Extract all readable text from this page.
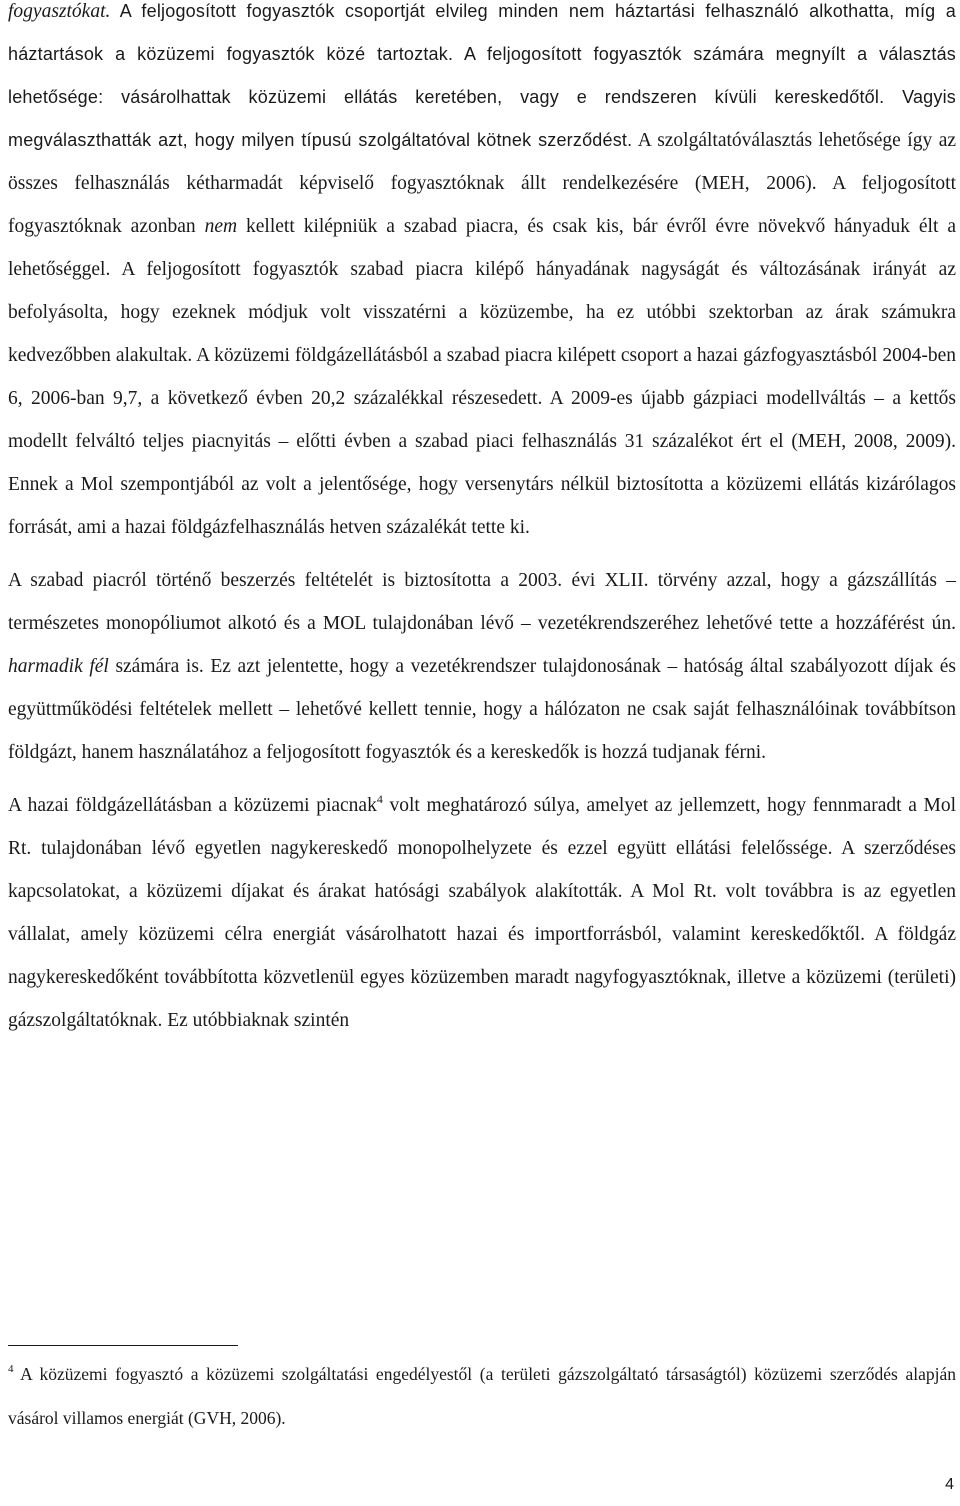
fogyasztókat. A feljogosított fogyasztók csoportját elvileg minden nem háztartási felhasználó alkothatta, míg a háztartások a közüzemi fogyasztók közé tartoztak. A feljogosított fogyasztók számára megnyílt a választás lehetősége: vásárolhattak közüzemi ellátás keretében, vagy e rendszeren kívüli kereskedőtől. Vagyis megválaszthatták azt, hogy milyen típusú szolgáltatóval kötnek szerződést. A szolgáltatóválasztás lehetősége így az összes felhasználás kétharmadát képviselő fogyasztóknak állt rendelkezésére (MEH, 2006). A feljogosított fogyasztóknak azonban nem kellett kilépniük a szabad piacra, és csak kis, bár évről évre növekvő hányaduk élt a lehetőséggel. A feljogosított fogyasztók szabad piacra kilépő hányadának nagyságát és változásának irányát az befolyásolta, hogy ezeknek módjuk volt visszatérni a közüzembe, ha ez utóbbi szektorban az árak számukra kedvezőbben alakultak. A közüzemi földgázellátásból a szabad piacra kilépett csoport a hazai gázfogyasztásból 2004-ben 6, 2006-ban 9,7, a következő évben 20,2 százalékkal részesedett. A 2009-es újabb gázpiaci modellváltás – a kettős modellt felváltó teljes piacnyitás – előtti évben a szabad piaci felhasználás 31 százalékot ért el (MEH, 2008, 2009). Ennek a Mol szempontjából az volt a jelentősége, hogy versenytárs nélkül biztosította a közüzemi ellátás kizárólagos forrását, ami a hazai földgázfelhasználás hetven százalékát tette ki.

A szabad piacról történő beszerzés feltételét is biztosította a 2003. évi XLII. törvény azzal, hogy a gázszállítás – természetes monopóliumot alkotó és a MOL tulajdonában lévő – vezetékrendszeréhez lehetővé tette a hozzáférést ún. harmadik fél számára is. Ez azt jelentette, hogy a vezetékrendszer tulajdonosának – hatóság által szabályozott díjak és együttműködési feltételek mellett – lehetővé kellett tennie, hogy a hálózaton ne csak saját felhasználóinak továbbítson földgázt, hanem használatához a feljogosított fogyasztók és a kereskedők is hozzá tudjanak férni.

A hazai földgázellátásban a közüzemi piacnak$^4$ volt meghatározó súlya, amelyet az jellemzett, hogy fennmaradt a Mol Rt. tulajdonában lévő egyetlen nagykereskedő monopolhelyzete és ezzel együtt ellátási felelőssége. A szerződéses kapcsolatokat, a közüzemi díjakat és árakat hatósági szabályok alakították. A Mol Rt. volt továbbra is az egyetlen vállalat, amely közüzemi célra energiát vásárolhatott hazai és importforrásból, valamint kereskedőktől. A földgáz nagykereskedőként továbbította közvetlenül egyes közüzemben maradt nagyfogyasztóknak, illetve a közüzemi (területi) gázszolgáltatóknak. Ez utóbbiaknak szintén

$^4$ A közüzemi fogyasztó a közüzemi szolgáltatási engedélyestől (a területi gázszolgáltató társaságtól) közüzemi szerződés alapján vásárol villamos energiát (GVH, 2006).

4
